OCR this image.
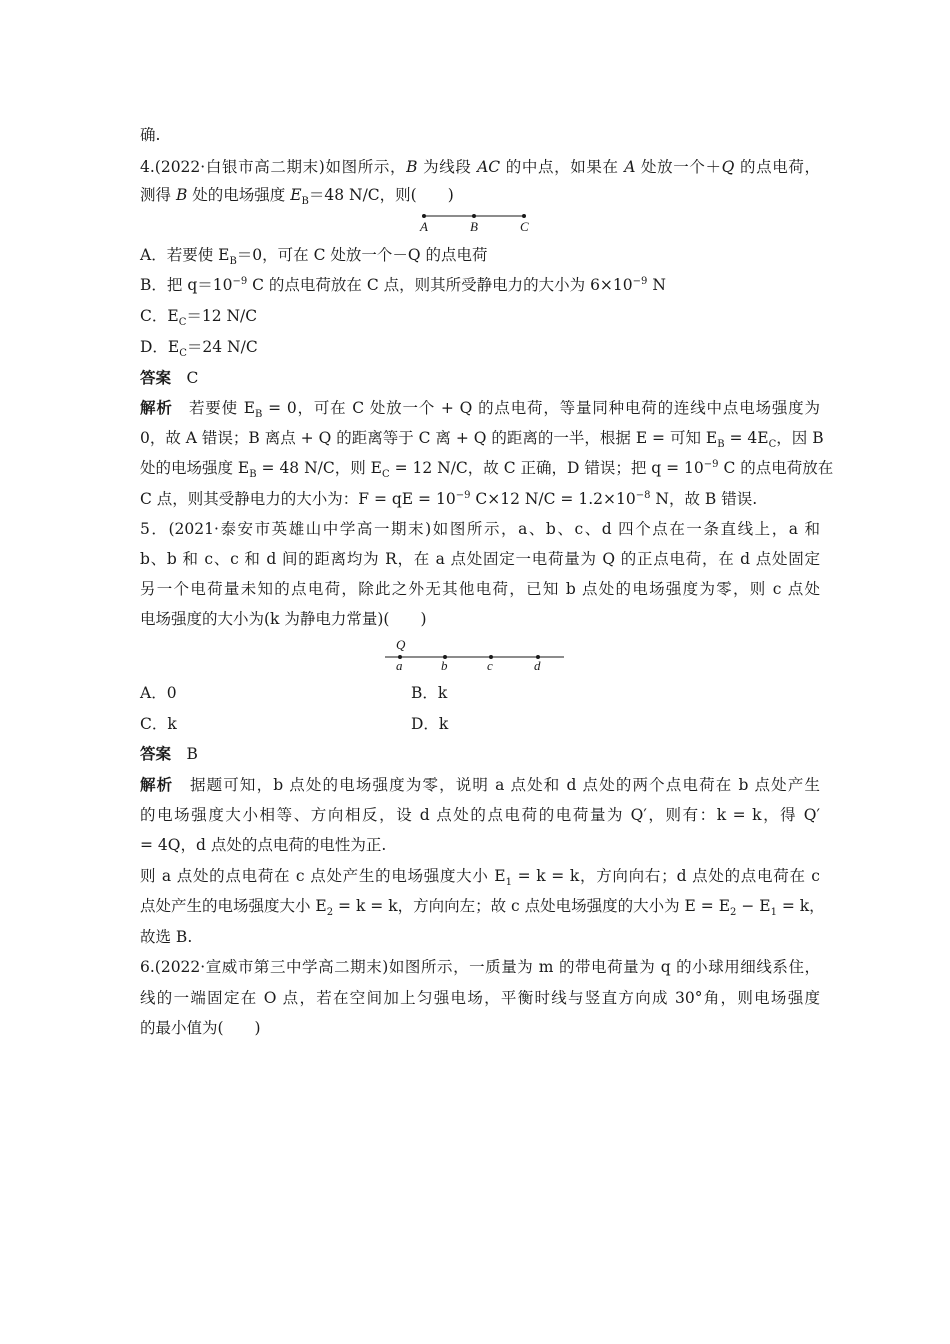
确.
4.(2022·白银市高二期末)如图所示，B 为线段 AC 的中点，如果在 A 处放一个＋Q 的点电荷，
测得 B 处的电场强度 $E_B=48$ N/C，则(　　)
A	B	C
A．若要使 $E_B=0$，可在 C 处放一个－Q 的点电荷
B．把 $q=10^{-9}$ C 的点电荷放在 C 点，则其所受静电力的大小为 $6\times 10^{-9}$ N
C．$E_C=12$ N/C
D．$E_C=24$ N/C
答案　 C
解析　 若要使 $E_B = 0$，可在 C 处放一个 + Q 的点电荷，等量同种电荷的连线中点电场强度为
0，故 A 错误；B 离点 + Q 的距离等于 C 离 + Q 的距离的一半，根据 E = 可知 $E_B = 4E_C$，因 B
处的电场强度 $E_B = 48$ N/C，则 $E_C = 12$ N/C，故 C 正确，D 错误；把 $q = 10^{-9}$ C 的点电荷放在
C 点，则其受静电力的大小为：F = qE = $10^{-9}$ C×12 $N/C = 1.2\times 10^{-8}$ N，故 B 错误.
5．(2021·泰安市英雄山中学高一期末)如图所示，a、b、c、d 四个点在一条直线上，a 和
b、b 和 c、c 和 d 间的距离均为 R，在 a 点处固定一电荷量为 Q 的正点电荷，在 d 点处固定
另一个电荷量未知的点电荷，除此之外无其他电荷，已知 b 点处的电场强度为零，则 c 点处
电场强度的大小为(k 为静电力常量)(　　)
Q
a	b	c	d
A．0	B．k
C．k	D．k
答案　 B
解析　 据题可知，b 点处的电场强度为零，说明 a 点处和 d 点处的两个点电荷在 b 点处产生
的电场强度大小相等、方向相反，设 d 点处的点电荷的电荷量为 Q′，则有：k = k，得 Q′
= 4Q，d 点处的点电荷的电性为正.
则 a 点处的点电荷在 c 点处产生的电场强度大小 $E_1 = k = k$，方向向右；d 点处的点电荷在 c
点处产生的电场强度大小 $E_2 = k = k$，方向向左；故 c 点处电场强度的大小为 $E = E_2 - E_1 = k$，
故选 B.
6.(2022·宣威市第三中学高二期末)如图所示，一质量为 m 的带电荷量为 q 的小球用细线系住，
线的一端固定在 O 点，若在空间加上匀强电场，平衡时线与竖直方向成 30°角，则电场强度
的最小值为(　　)
